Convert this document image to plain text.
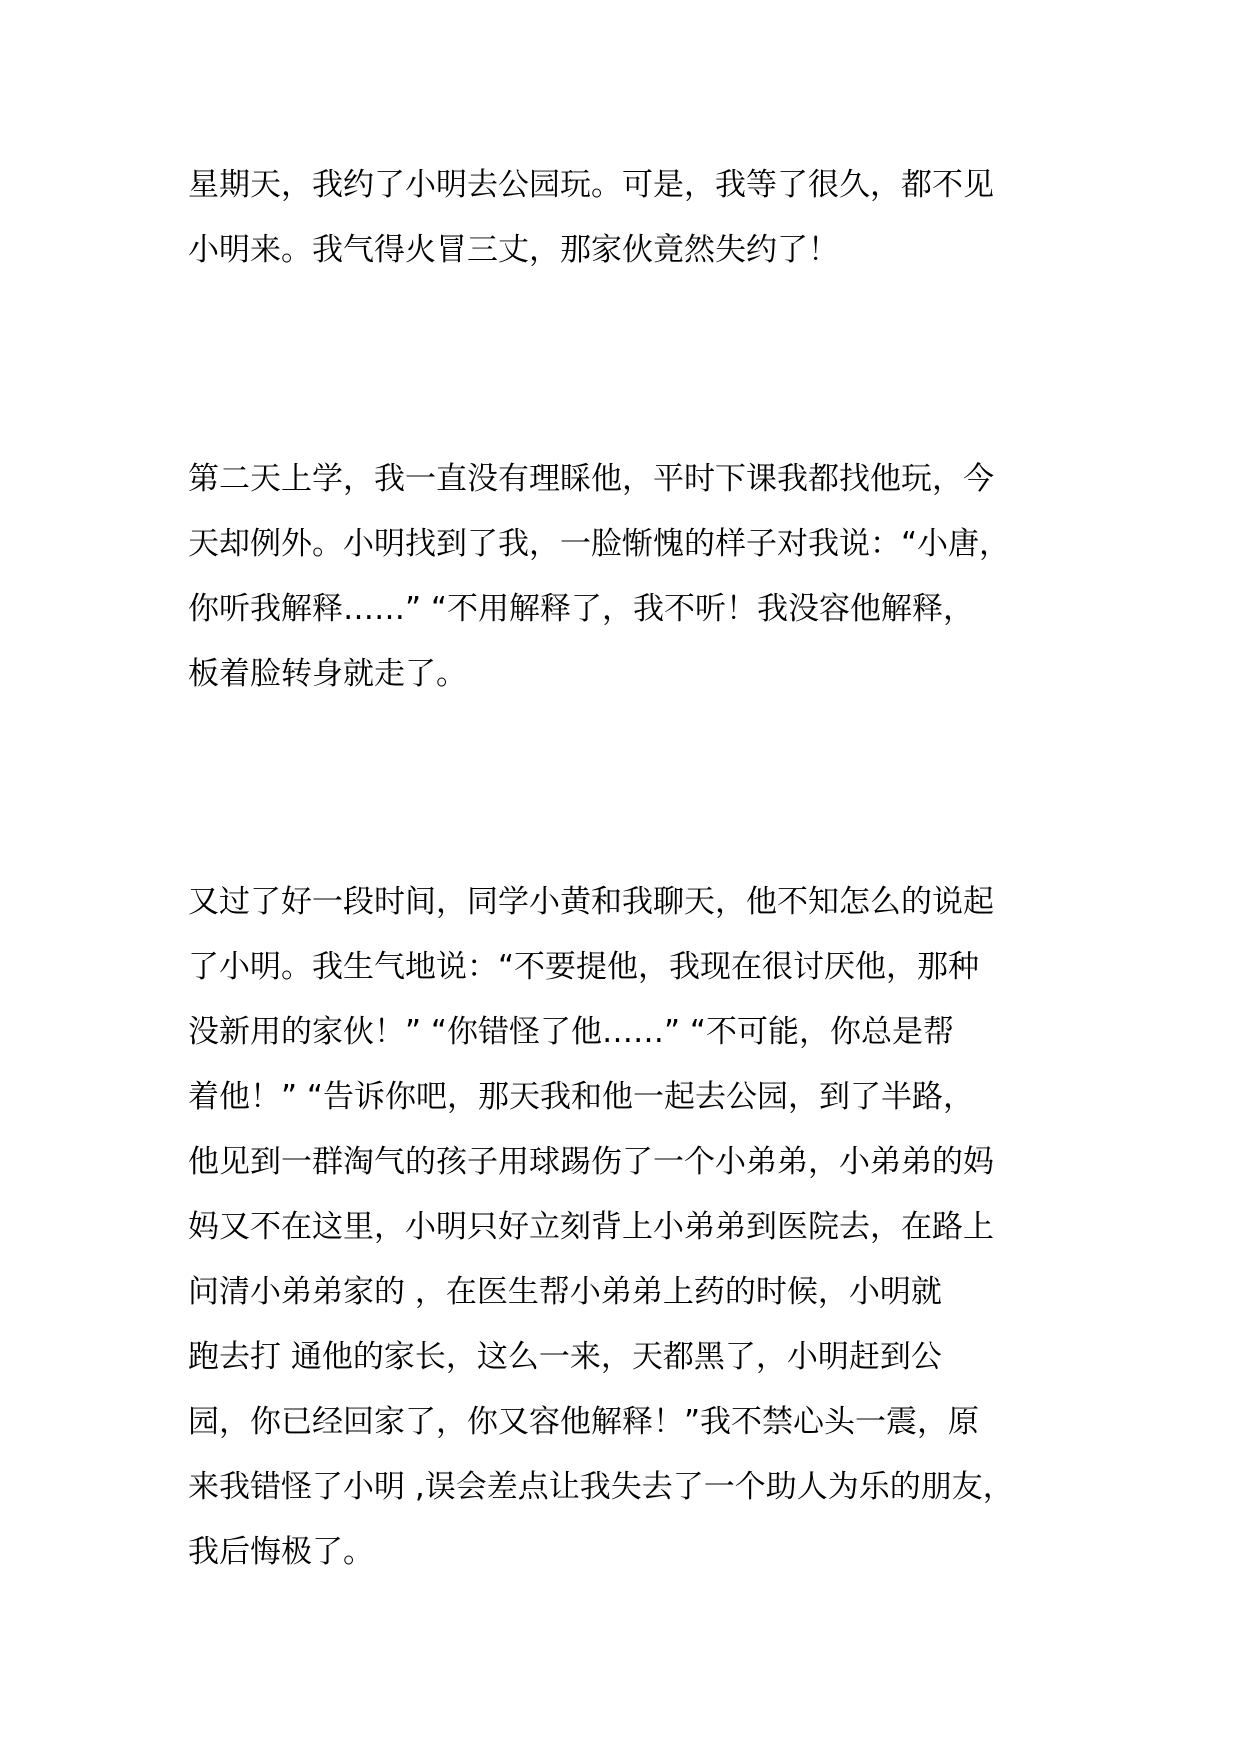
星期天，我约了小明去公园玩。可是，我等了很久，都不见
小明来。我气得火冒三丈，那家伙竟然失约了！
第二天上学，我一直没有理睬他，平时下课我都找他玩，今
天却例外。小明找到了我，一脸惭愧的样子对我说：“小唐，
你听我解释……” “不用解释了，我不听！我没容他解释，
板着脸转身就走了。
又过了好一段时间，同学小黄和我聊天，他不知怎么的说起
了小明。我生气地说：“不要提他，我现在很讨厌他，那种
没新用的家伙！” “你错怪了他……” “不可能，你总是帮
着他！” “告诉你吧，那天我和他一起去公园，到了半路，
他见到一群淘气的孩子用球踢伤了一个小弟弟，小弟弟的妈
妈又不在这里，小明只好立刻背上小弟弟到医院去，在路上
问清小弟弟家的 ，在医生帮小弟弟上药的时候，小明就
跑去打 通他的家长，这么一来，天都黑了，小明赶到公
园，你已经回家了，你又容他解释！”我不禁心头一震，原
来我错怪了小明 ,误会差点让我失去了一个助人为乐的朋友，
我后悔极了。
